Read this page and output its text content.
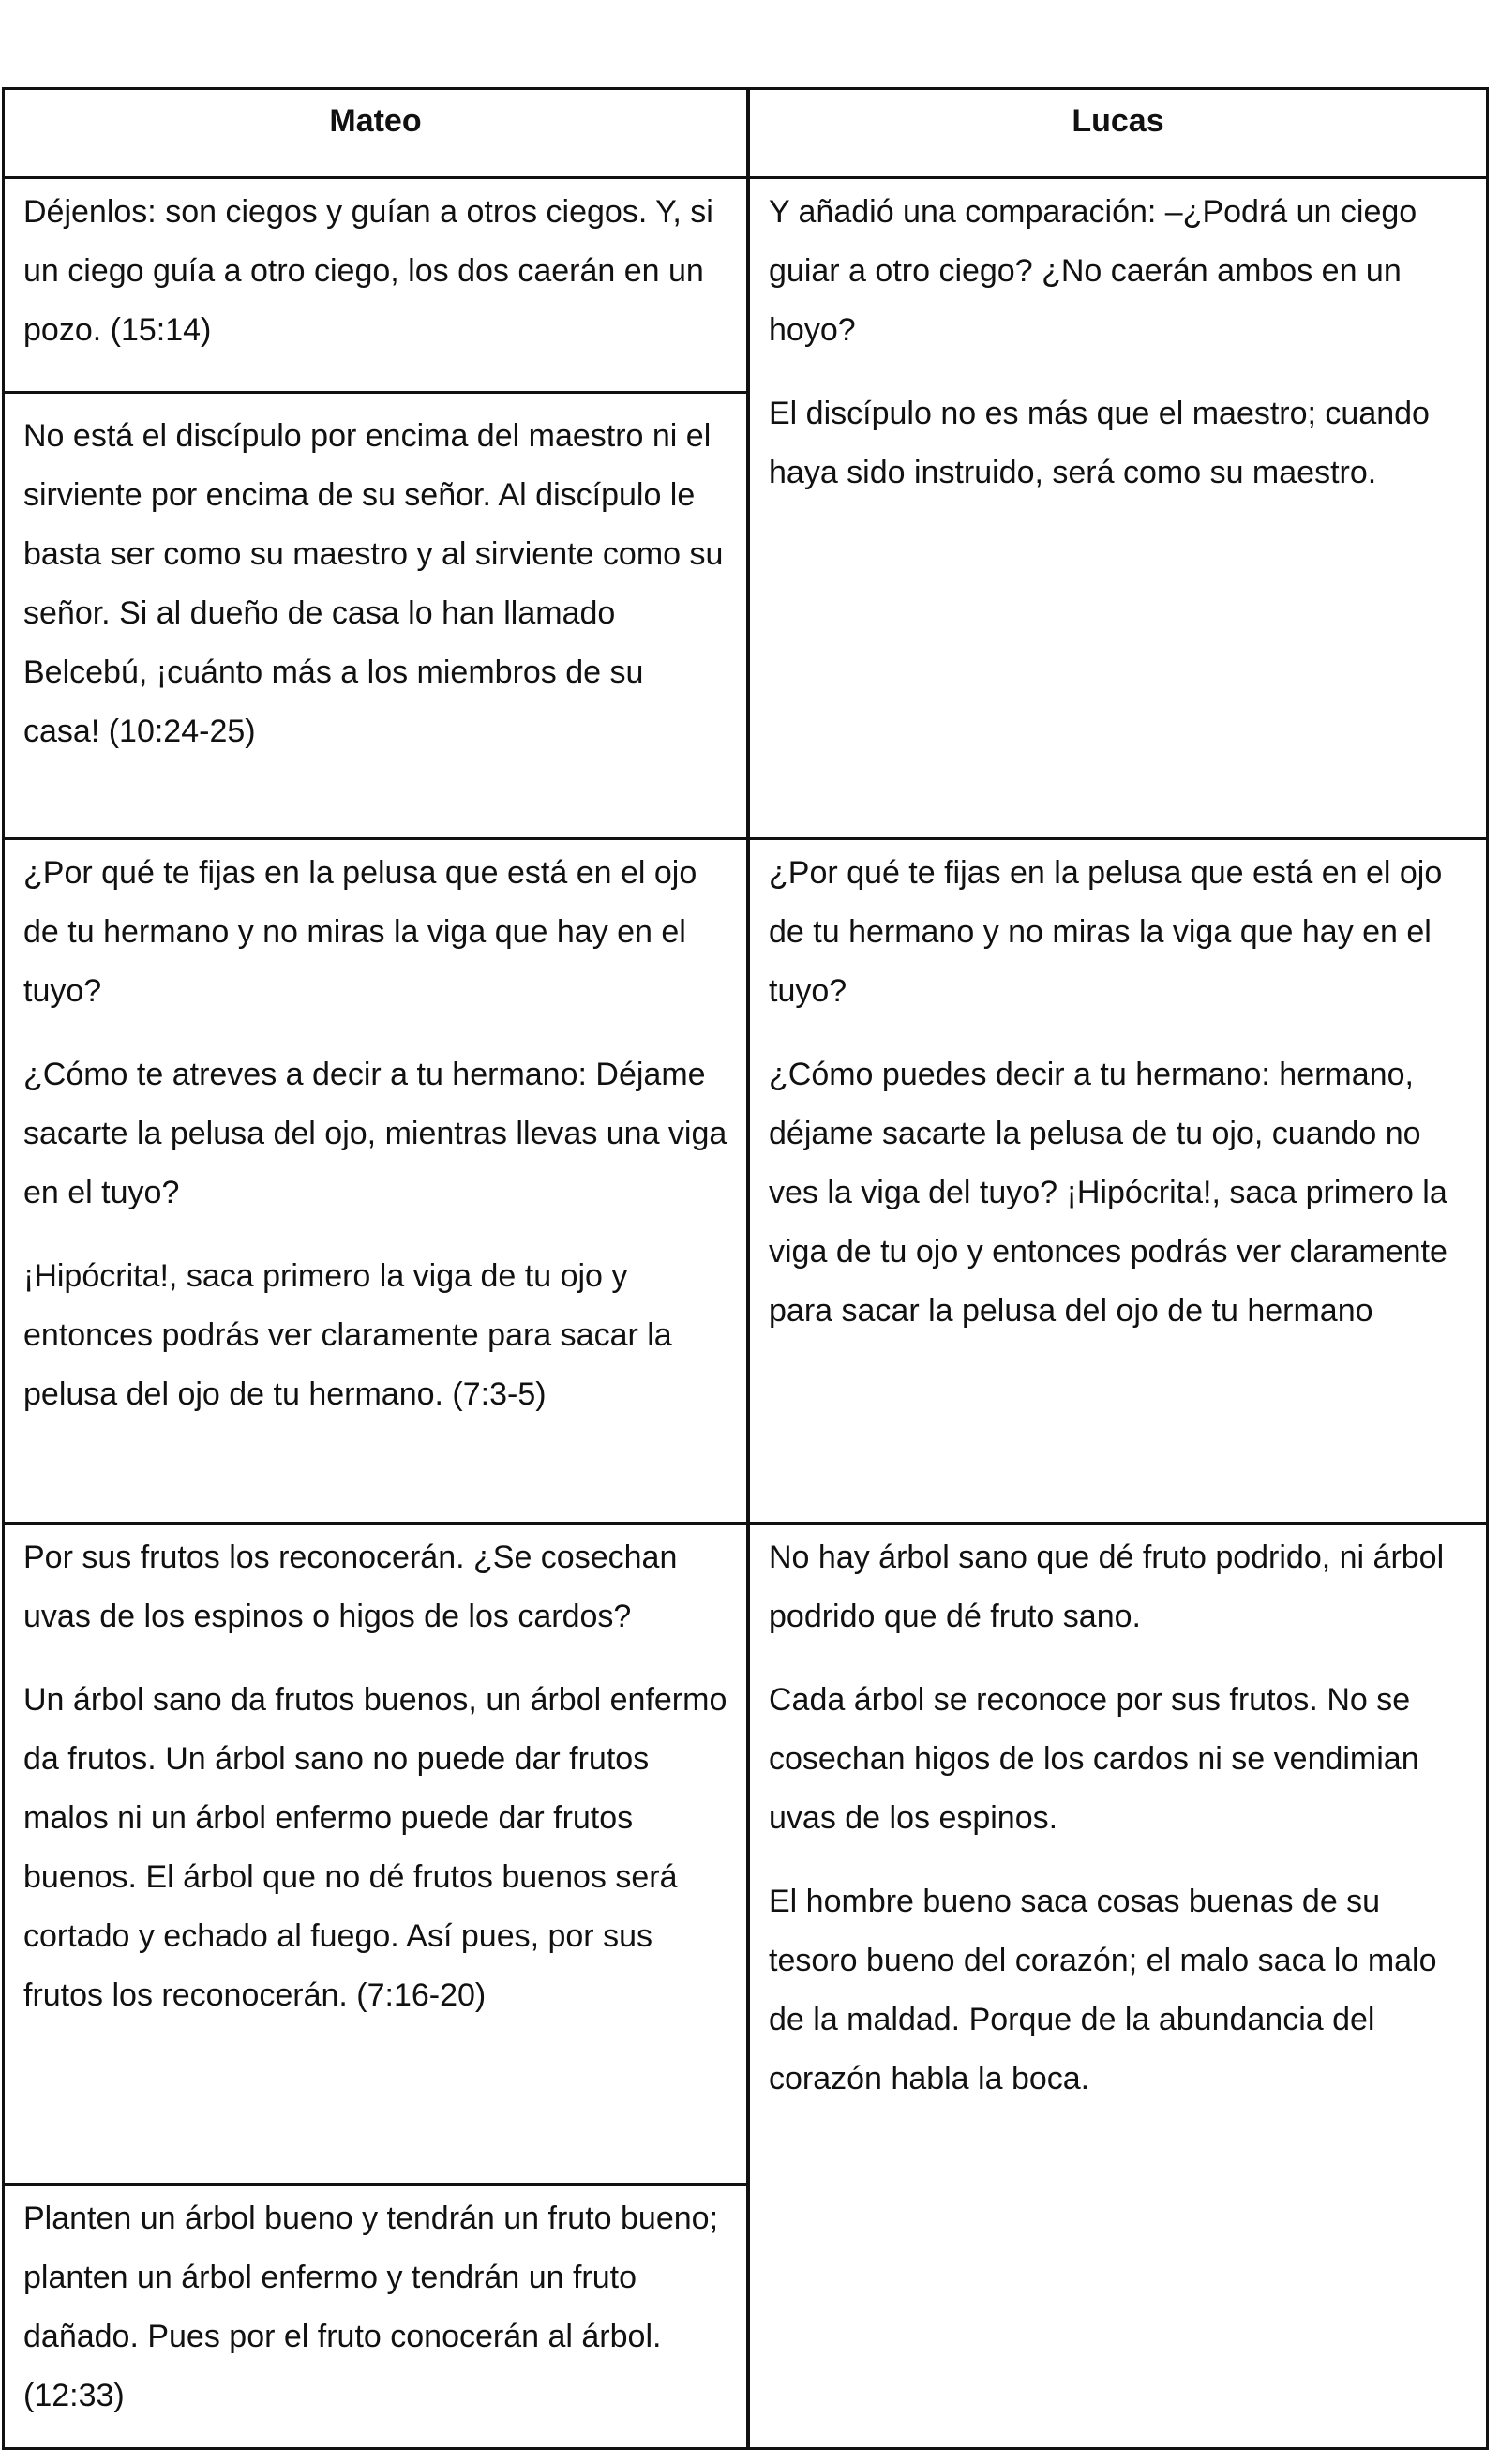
Mateo	Lucas

Déjenlos: son ciegos y guían a otros ciegos. Y, si un ciego guía a otro ciego, los dos caerán en un pozo. (15:14)

No está el discípulo por encima del maestro ni el sirviente por encima de su señor. Al discípulo le basta ser como su maestro y al sirviente como su señor. Si al dueño de casa lo han llamado Belcebú, ¡cuánto más a los miembros de su casa! (10:24-25)

Y añadió una comparación: –¿Podrá un ciego guiar a otro ciego? ¿No caerán ambos en un hoyo?

El discípulo no es más que el maestro; cuando haya sido instruido, será como su maestro.

¿Por qué te fijas en la pelusa que está en el ojo de tu hermano y no miras la viga que hay en el tuyo?

¿Cómo te atreves a decir a tu hermano: Déjame sacarte la pelusa del ojo, mientras llevas una viga en el tuyo?

¡Hipócrita!, saca primero la viga de tu ojo y entonces podrás ver claramente para sacar la pelusa del ojo de tu hermano. (7:3-5)

¿Por qué te fijas en la pelusa que está en el ojo de tu hermano y no miras la viga que hay en el tuyo?

¿Cómo puedes decir a tu hermano: hermano, déjame sacarte la pelusa de tu ojo, cuando no ves la viga del tuyo? ¡Hipócrita!, saca primero la viga de tu ojo y entonces podrás ver claramente para sacar la pelusa del ojo de tu hermano

Por sus frutos los reconocerán. ¿Se cosechan uvas de los espinos o higos de los cardos?

Un árbol sano da frutos buenos, un árbol enfermo da frutos. Un árbol sano no puede dar frutos malos ni un árbol enfermo puede dar frutos buenos. El árbol que no dé frutos buenos será cortado y echado al fuego. Así pues, por sus frutos los reconocerán. (7:16-20)

Planten un árbol bueno y tendrán un fruto bueno; planten un árbol enfermo y tendrán un fruto dañado. Pues por el fruto conocerán al árbol. (12:33)

No hay árbol sano que dé fruto podrido, ni árbol podrido que dé fruto sano.

Cada árbol se reconoce por sus frutos. No se cosechan higos de los cardos ni se vendimian uvas de los espinos.

El hombre bueno saca cosas buenas de su tesoro bueno del corazón; el malo saca lo malo de la maldad. Porque de la abundancia del corazón habla la boca.
